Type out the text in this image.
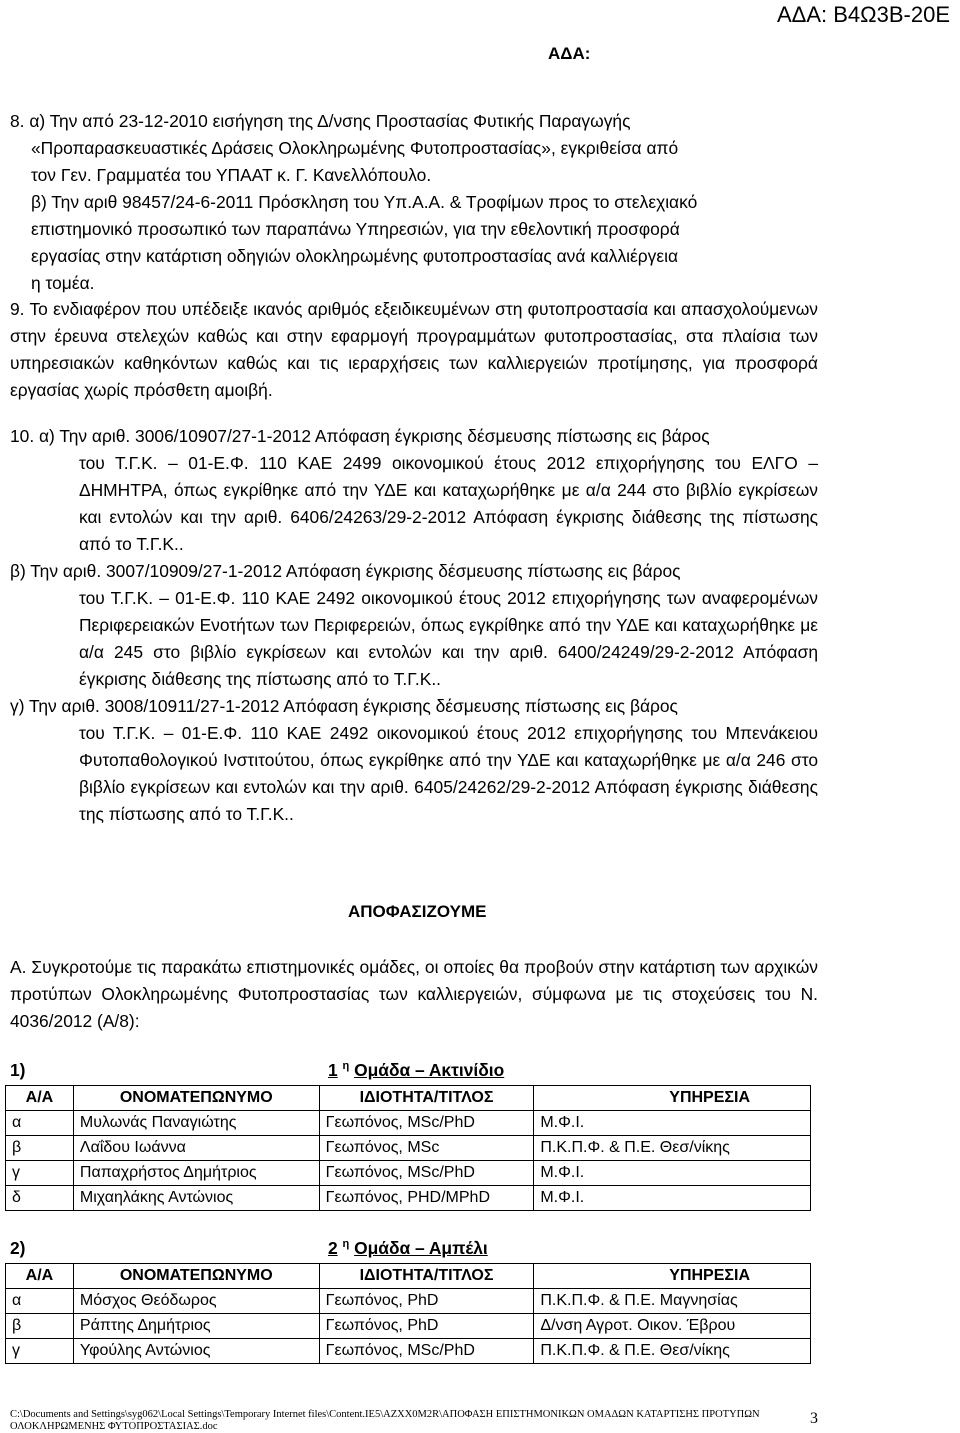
ΑΔΑ: Β4Ω3Β-20Ε
ΑΔΑ:
8. α) Την από 23-12-2010 εισήγηση της Δ/νσης Προστασίας Φυτικής Παραγωγής
«Προπαρασκευαστικές Δράσεις Ολοκληρωμένης Φυτοπροστασίας», εγκριθείσα από
τον Γεν. Γραμματέα του ΥΠΑΑΤ κ. Γ. Κανελλόπουλο.
β) Την αριθ 98457/24-6-2011 Πρόσκληση του Υπ.Α.Α. & Τροφίμων προς το στελεχιακό
επιστημονικό προσωπικό των παραπάνω Υπηρεσιών, για την εθελοντική προσφορά
εργασίας στην κατάρτιση οδηγιών ολοκληρωμένης φυτοπροστασίας ανά καλλιέργεια
η τομέα.
9. Το ενδιαφέρον που υπέδειξε ικανός αριθμός εξειδικευμένων στη φυτοπροστασία και απασχολούμενων στην έρευνα στελεχών καθώς και στην εφαρμογή προγραμμάτων φυτοπροστασίας, στα πλαίσια των υπηρεσιακών καθηκόντων καθώς και τις ιεραρχήσεις των καλλιεργειών προτίμησης, για προσφορά εργασίας χωρίς πρόσθετη αμοιβή.
10. α) Την αριθ. 3006/10907/27-1-2012 Απόφαση έγκρισης δέσμευσης πίστωσης εις βάρος
του Τ.Γ.Κ. – 01-Ε.Φ. 110 ΚΑΕ 2499 οικονομικού έτους 2012 επιχορήγησης του ΕΛΓΟ – ΔΗΜΗΤΡΑ, όπως εγκρίθηκε από την ΥΔΕ και καταχωρήθηκε με α/α 244 στο βιβλίο εγκρίσεων και εντολών και την αριθ. 6406/24263/29-2-2012 Απόφαση έγκρισης διάθεσης της πίστωσης από το Τ.Γ.Κ..
β) Την αριθ. 3007/10909/27-1-2012 Απόφαση έγκρισης δέσμευσης πίστωσης εις βάρος
του Τ.Γ.Κ. – 01-Ε.Φ. 110 ΚΑΕ 2492 οικονομικού έτους 2012 επιχορήγησης των αναφερομένων Περιφερειακών Ενοτήτων των Περιφερειών, όπως εγκρίθηκε από την ΥΔΕ και καταχωρήθηκε με α/α 245 στο βιβλίο εγκρίσεων και εντολών και την αριθ. 6400/24249/29-2-2012 Απόφαση έγκρισης διάθεσης της πίστωσης από το Τ.Γ.Κ..
γ) Την αριθ. 3008/10911/27-1-2012 Απόφαση έγκρισης δέσμευσης πίστωσης εις βάρος
του Τ.Γ.Κ. – 01-Ε.Φ. 110 ΚΑΕ 2492 οικονομικού έτους 2012 επιχορήγησης του Μπενάκειου Φυτοπαθολογικού Ινστιτούτου, όπως εγκρίθηκε από την ΥΔΕ και καταχωρήθηκε με α/α 246 στο βιβλίο εγκρίσεων και εντολών και την αριθ. 6405/24262/29-2-2012 Απόφαση έγκρισης διάθεσης της πίστωσης από το Τ.Γ.Κ..
ΑΠΟΦΑΣΙΖΟΥΜΕ
Α. Συγκροτούμε τις παρακάτω επιστημονικές ομάδες, οι οποίες θα προβούν στην κατάρτιση των αρχικών προτύπων Ολοκληρωμένης Φυτοπροστασίας των καλλιεργειών, σύμφωνα με τις στοχεύσεις του Ν. 4036/2012 (Α/8):
1)	1 $^\eta$ Ομάδα – Ακτινίδιο
Α/Α	ΟΝΟΜΑΤΕΠΩΝΥΜΟ	ΙΔΙΟΤΗΤΑ/ΤΙΤΛΟΣ	ΥΠΗΡΕΣΙΑ
α	Μυλωνάς Παναγιώτης	Γεωπόνος, MSc/PhD	Μ.Φ.Ι.
β	Λαΐδου Ιωάννα	Γεωπόνος, MSc	Π.Κ.Π.Φ. & Π.Ε. Θεσ/νίκης
γ	Παπαχρήστος Δημήτριος	Γεωπόνος, MSc/PhD	Μ.Φ.Ι.
δ	Μιχαηλάκης Αντώνιος	Γεωπόνος, PHD/MPhD	Μ.Φ.Ι.
2)	2 $^\eta$ Ομάδα – Αμπέλι
Α/Α	ΟΝΟΜΑΤΕΠΩΝΥΜΟ	ΙΔΙΟΤΗΤΑ/ΤΙΤΛΟΣ	ΥΠΗΡΕΣΙΑ
α	Μόσχος Θεόδωρος	Γεωπόνος, PhD	Π.Κ.Π.Φ. & Π.Ε. Μαγνησίας
β	Ράπτης Δημήτριος	Γεωπόνος, PhD	Δ/νση Αγροτ. Οικον. Έβρου
γ	Υφούλης Αντώνιος	Γεωπόνος, MSc/PhD	Π.Κ.Π.Φ. & Π.Ε. Θεσ/νίκης
C:\Documents and Settings\syg062\Local Settings\Temporary Internet files\Content.IE5\AZXX0M2R\ΑΠΟΦΑΣΗ ΕΠΙΣΤΗΜΟΝΙΚΩΝ ΟΜΑΔΩΝ ΚΑΤΑΡΤΙΣΗΣ ΠΡΟΤΥΠΩΝ ΟΛΟΚΛΗΡΩΜΕΝΗΣ ΦΥΤΟΠΡΟΣΤΑΣΙΑΣ.doc	3
